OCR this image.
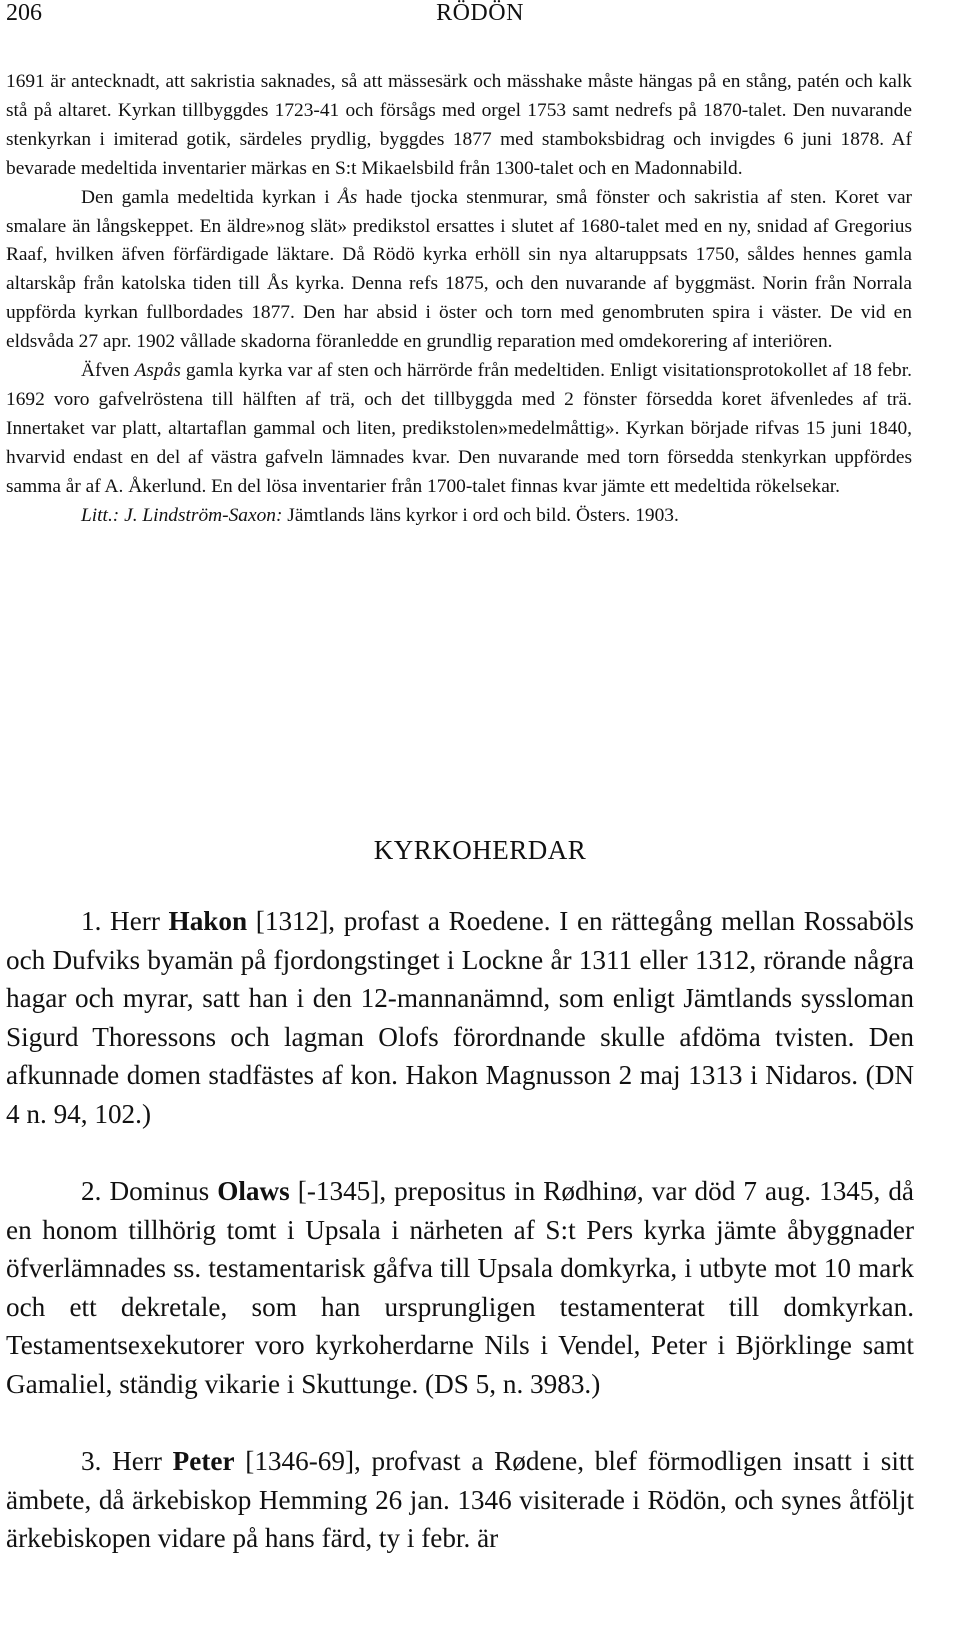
206	RÖDÖN

1691 är antecknadt, att sakristia saknades, så att mässesärk och mässhake måste hängas på en stång, patén och kalk stå på altaret. Kyrkan tillbyggdes 1723-41 och försågs med orgel 1753 samt nedrefs på 1870-talet. Den nuvarande stenkyrkan i imiterad gotik, särdeles prydlig, byggdes 1877 med stamboksbidrag och invigdes 6 juni 1878. Af bevarade medeltida inventarier märkas en S:t Mikaelsbild från 1300-talet och en Madonnabild.

Den gamla medeltida kyrkan i Ås hade tjocka stenmurar, små fönster och sakristia af sten. Koret var smalare än långskeppet. En äldre»nog slät» predikstol ersattes i slutet af 1680-talet med en ny, snidad af Gregorius Raaf, hvilken äfven förfärdigade läktare. Då Rödö kyrka erhöll sin nya altaruppsats 1750, såldes hennes gamla altarskåp från katolska tiden till Ås kyrka. Denna refs 1875, och den nuvarande af byggmäst. Norin från Norrala uppförda kyrkan fullbordades 1877. Den har absid i öster och torn med genombruten spira i väster. De vid en eldsvåda 27 apr. 1902 vållade skadorna föranledde en grundlig reparation med omdekorering af interiören.

Äfven Aspås gamla kyrka var af sten och härrörde från medeltiden. Enligt visitationsprotokollet af 18 febr. 1692 voro gafvelröstena till hälften af trä, och det tillbyggda med 2 fönster försedda koret äfvenledes af trä. Innertaket var platt, altartaflan gammal och liten, predikstolen»medelmåttig». Kyrkan började rifvas 15 juni 1840, hvarvid endast en del af västra gafveln lämnades kvar. Den nuvarande med torn försedda stenkyrkan uppfördes samma år af A. Åkerlund. En del lösa inventarier från 1700-talet finnas kvar jämte ett medeltida rökelsekar.

Litt.: J. Lindström-Saxon: Jämtlands läns kyrkor i ord och bild. Östers. 1903.

KYRKOHERDAR

1. Herr Hakon [1312], profast a Roedene. I en rättegång mellan Rossaböls och Dufviks byamän på fjordongstinget i Lockne år 1311 eller 1312, rörande några hagar och myrar, satt han i den 12-mannanämnd, som enligt Jämtlands syssloman Sigurd Thoressons och lagman Olofs förordnande skulle afdöma tvisten. Den afkunnade domen stadfästes af kon. Hakon Magnusson 2 maj 1313 i Nidaros. (DN 4 n. 94, 102.)

2. Dominus Olaws [-1345], prepositus in Rødhinø, var död 7 aug. 1345, då en honom tillhörig tomt i Upsala i närheten af S:t Pers kyrka jämte åbyggnader öfverlämnades ss. testamentarisk gåfva till Upsala domkyrka, i utbyte mot 10 mark och ett dekretale, som han ursprungligen testamenterat till domkyrkan. Testamentsexekutorer voro kyrkoherdarne Nils i Vendel, Peter i Björklinge samt Gamaliel, ständig vikarie i Skuttunge. (DS 5, n. 3983.)

3. Herr Peter [1346-69], profvast a Rødene, blef förmodligen insatt i sitt ämbete, då ärkebiskop Hemming 26 jan. 1346 visiterade i Rödön, och synes åtföljt ärkebiskopen vidare på hans färd, ty i febr. är
